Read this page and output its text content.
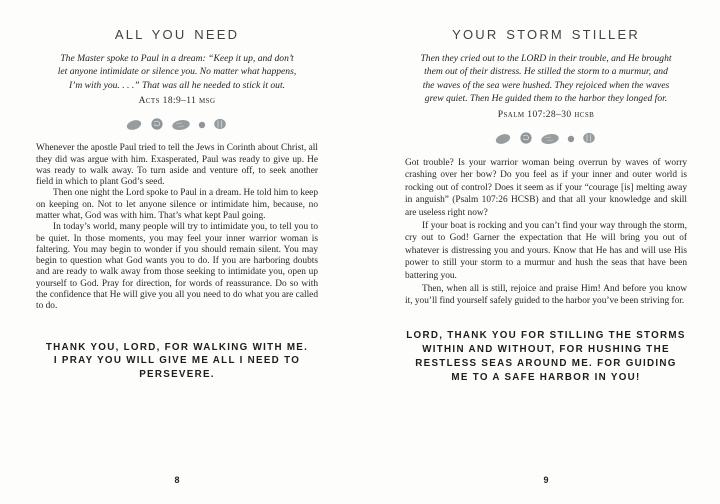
ALL YOU NEED
The Master spoke to Paul in a dream: “Keep it up, and don’t
let anyone intimidate or silence you. No matter what happens,
I’m with you. . . .” That was all he needed to stick it out.
Acts 18:9–11 msg

Whenever the apostle Paul tried to tell the Jews in Corinth about Christ, all they did was argue with him. Exasperated, Paul was ready to give up. He was ready to walk away. To turn aside and venture off, to seek another field in which to plant God’s seed.

Then one night the Lord spoke to Paul in a dream. He told him to keep on keeping on. Not to let anyone silence or intimidate him, because, no matter what, God was with him. That’s what kept Paul going.

In today’s world, many people will try to intimidate you, to tell you to be quiet. In those moments, you may feel your inner warrior woman is faltering. You may begin to wonder if you should remain silent. You may begin to question what God wants you to do. If you are harboring doubts and are ready to walk away from those seeking to intimidate you, open up yourself to God. Pray for direction, for words of reassurance. Do so with the confidence that He will give you all you need to do what you are called to do.

THANK YOU, LORD, FOR WALKING WITH ME.
I PRAY YOU WILL GIVE ME ALL I NEED TO PERSEVERE.
8
YOUR STORM STILLER
Then they cried out to the LORD in their trouble, and He brought
them out of their distress. He stilled the storm to a murmur, and
the waves of the sea were hushed. They rejoiced when the waves
grew quiet. Then He guided them to the harbor they longed for.
Psalm 107:28–30 hcsb

Got trouble? Is your warrior woman being overrun by waves of worry crashing over her bow? Do you feel as if your inner and outer world is rocking out of control? Does it seem as if your “courage [is] melting away in anguish” (Psalm 107:26 HCSB) and that all your knowledge and skill are useless right now?

If your boat is rocking and you can’t find your way through the storm, cry out to God! Garner the expectation that He will bring you out of whatever is distressing you and yours. Know that He has and will use His power to still your storm to a murmur and hush the seas that have been battering you.

Then, when all is still, rejoice and praise Him! And before you know it, you’ll find yourself safely guided to the harbor you’ve been striving for.

LORD, THANK YOU FOR STILLING THE STORMS
WITHIN AND WITHOUT, FOR HUSHING THE
RESTLESS SEAS AROUND ME. FOR GUIDING
ME TO A SAFE HARBOR IN YOU!
9
